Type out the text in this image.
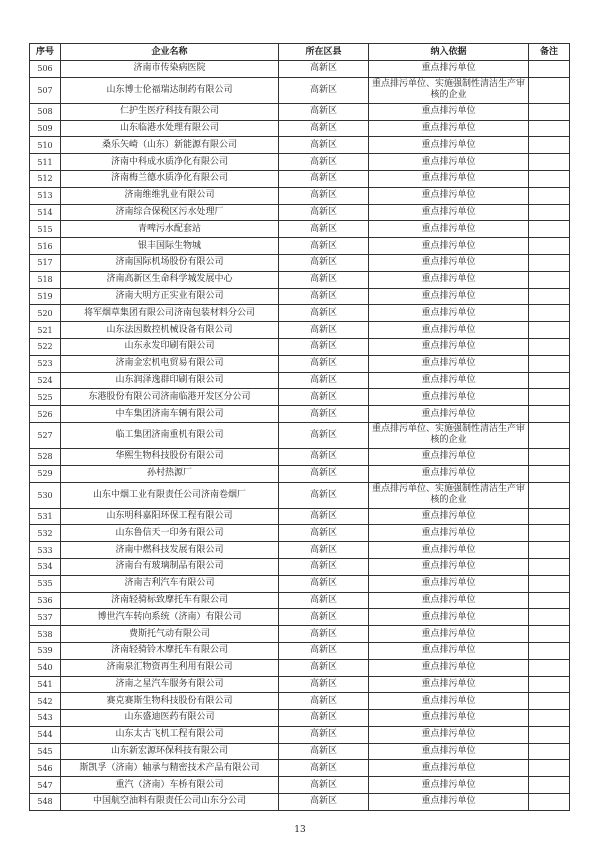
序号	企业名称	所在区县	纳入依据	备注
506	济南市传染病医院	高新区	重点排污单位	
507	山东博士伦福瑞达制药有限公司	高新区	重点排污单位、实施强制性清洁生产审核的企业	
508	仁护生医疗科技有限公司	高新区	重点排污单位	
509	山东临港水处理有限公司	高新区	重点排污单位	
510	桑乐矢崎（山东）新能源有限公司	高新区	重点排污单位	
511	济南中科成水质净化有限公司	高新区	重点排污单位	
512	济南梅兰德水质净化有限公司	高新区	重点排污单位	
513	济南维维乳业有限公司	高新区	重点排污单位	
514	济南综合保税区污水处理厂	高新区	重点排污单位	
515	青啤污水配套站	高新区	重点排污单位	
516	银丰国际生物城	高新区	重点排污单位	
517	济南国际机场股份有限公司	高新区	重点排污单位	
518	济南高新区生命科学城发展中心	高新区	重点排污单位	
519	济南大明方正实业有限公司	高新区	重点排污单位	
520	将军烟草集团有限公司济南包装材料分公司	高新区	重点排污单位	
521	山东法因数控机械设备有限公司	高新区	重点排污单位	
522	山东永发印刷有限公司	高新区	重点排污单位	
523	济南金宏机电贸易有限公司	高新区	重点排污单位	
524	山东润泽逸群印刷有限公司	高新区	重点排污单位	
525	东港股份有限公司济南临港开发区分公司	高新区	重点排污单位	
526	中车集团济南车辆有限公司	高新区	重点排污单位	
527	临工集团济南重机有限公司	高新区	重点排污单位、实施强制性清洁生产审核的企业	
528	华熙生物科技股份有限公司	高新区	重点排污单位	
529	孙村热源厂	高新区	重点排污单位	
530	山东中烟工业有限责任公司济南卷烟厂	高新区	重点排污单位、实施强制性清洁生产审核的企业	
531	山东明科嘉阳环保工程有限公司	高新区	重点排污单位	
532	山东鲁信天一印务有限公司	高新区	重点排污单位	
533	济南中燃科技发展有限公司	高新区	重点排污单位	
534	济南台有玻璃制品有限公司	高新区	重点排污单位	
535	济南吉利汽车有限公司	高新区	重点排污单位	
536	济南轻骑标致摩托车有限公司	高新区	重点排污单位	
537	博世汽车转向系统（济南）有限公司	高新区	重点排污单位	
538	费斯托气动有限公司	高新区	重点排污单位	
539	济南轻骑铃木摩托车有限公司	高新区	重点排污单位	
540	济南泉汇物资再生利用有限公司	高新区	重点排污单位	
541	济南之星汽车服务有限公司	高新区	重点排污单位	
542	赛克赛斯生物科技股份有限公司	高新区	重点排污单位	
543	山东盛迪医药有限公司	高新区	重点排污单位	
544	山东太古飞机工程有限公司	高新区	重点排污单位	
545	山东新宏源环保科技有限公司	高新区	重点排污单位	
546	斯凯孚（济南）轴承与精密技术产品有限公司	高新区	重点排污单位	
547	重汽（济南）车桥有限公司	高新区	重点排污单位	
548	中国航空油料有限责任公司山东分公司	高新区	重点排污单位	
13
